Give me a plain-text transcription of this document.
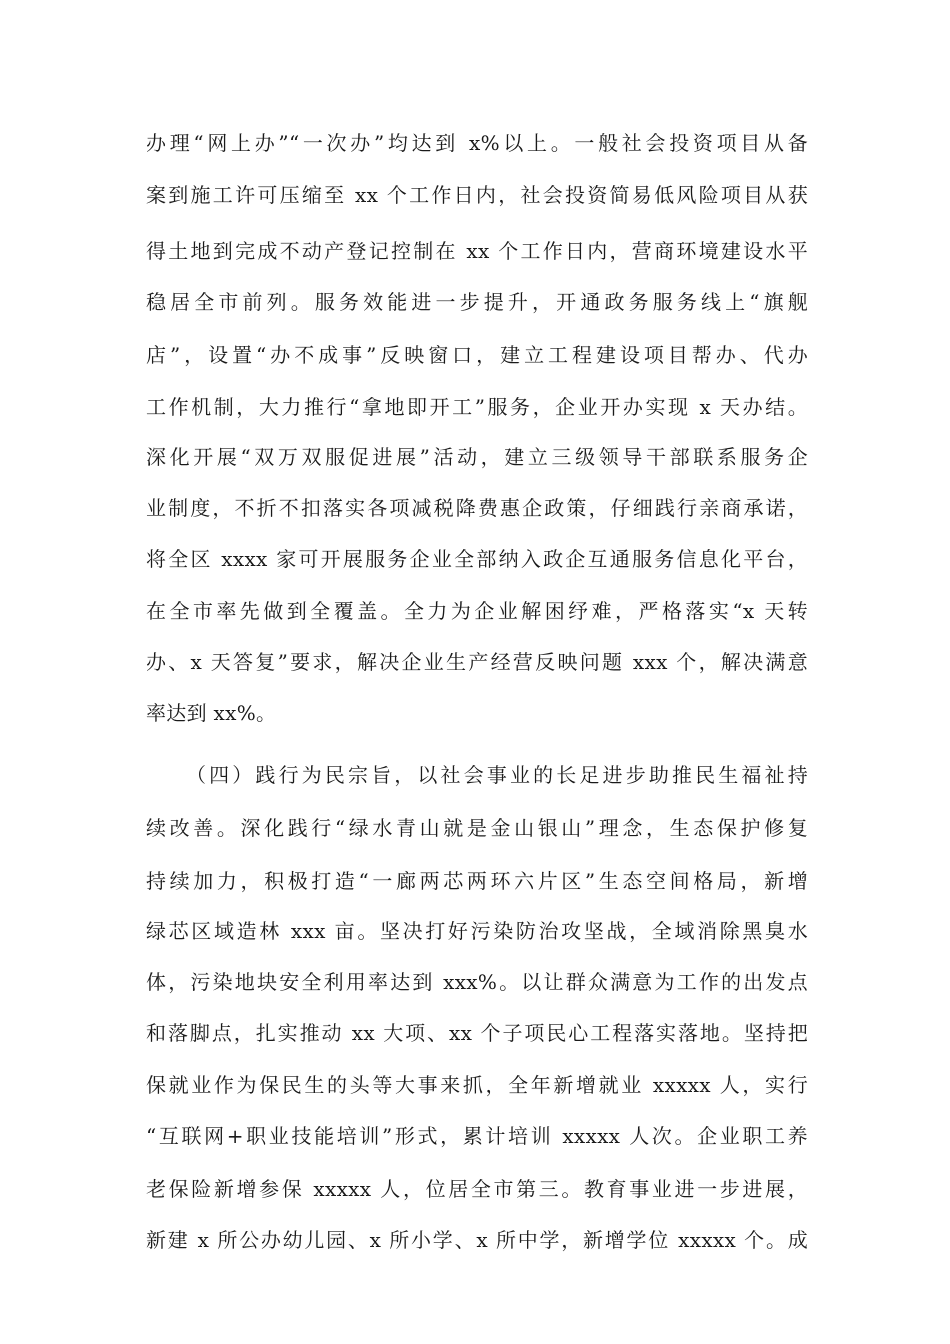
办理“网上办”“一次办”均达到 x%以上。一般社会投资项目从备
案到施工许可压缩至 xx 个工作日内，社会投资简易低风险项目从获
得土地到完成不动产登记控制在 xx 个工作日内，营商环境建设水平
稳居全市前列。服务效能进一步提升，开通政务服务线上“旗舰
店”，设置“办不成事”反映窗口，建立工程建设项目帮办、代办
工作机制，大力推行“拿地即开工”服务，企业开办实现 x 天办结。
深化开展“双万双服促进展”活动，建立三级领导干部联系服务企
业制度，不折不扣落实各项减税降费惠企政策，仔细践行亲商承诺，
将全区 xxxx 家可开展服务企业全部纳入政企互通服务信息化平台，
在全市率先做到全覆盖。全力为企业解困纾难，严格落实“x 天转
办、x 天答复”要求，解决企业生产经营反映问题 xxx 个，解决满意
率达到 xx%。
（四）践行为民宗旨，以社会事业的长足进步助推民生福祉持
续改善。深化践行“绿水青山就是金山银山”理念，生态保护修复
持续加力，积极打造“一廊两芯两环六片区”生态空间格局，新增
绿芯区域造林 xxx 亩。坚决打好污染防治攻坚战，全域消除黑臭水
体，污染地块安全利用率达到 xxx%。以让群众满意为工作的出发点
和落脚点，扎实推动 xx 大项、xx 个子项民心工程落实落地。坚持把
保就业作为保民生的头等大事来抓，全年新增就业 xxxxx 人，实行
“互联网+职业技能培训”形式，累计培训 xxxxx 人次。企业职工养
老保险新增参保 xxxxx 人，位居全市第三。教育事业进一步进展，
新建 x 所公办幼儿园、x 所小学、x 所中学，新增学位 xxxxx 个。成
